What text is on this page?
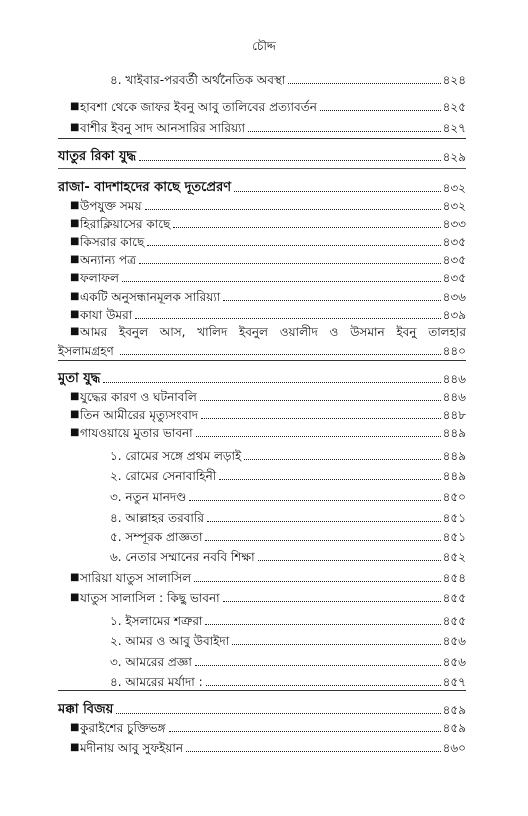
চৌদ্দ
৪. খাইবার-পরবর্তী অর্থনৈতিক অবস্থা	৪২৪
■ হাবশা থেকে জাফর ইবনু আবু তালিবের প্রত্যাবর্তন	৪২৫
■ বাশীর ইবনু সাদ আনসারির সারিয়্যা	৪২৭
যাতুর রিকা যুদ্ধ	৪২৯
রাজা- বাদশাহদের কাছে দূতপ্রেরণ	৪৩২
■ উপযুক্ত সময়	৪৩২
■ হিরাক্লিয়াসের কাছে	৪৩৩
■ কিসরার কাছে	৪৩৫
■ অন্যান্য পত্র	৪৩৫
■ ফলাফল	৪৩৫
■ একটি অনুসন্ধানমূলক সারিয়্যা	৪৩৬
■ কাযা উমরা	৪৩৯
■ আমর ইবনুল আস, খালিদ ইবনুল ওয়ালীদ ও উসমান ইবনু তালহার
ইসলামগ্রহণ	৪৪০
মুতা যুদ্ধ	৪৪৬
■ যুদ্ধের কারণ ও ঘটনাবলি	৪৪৬
■ তিন আমীরের মৃত্যুসংবাদ	৪৪৮
■ গাযওয়ায়ে মুতার ভাবনা	৪৪৯
১. রোমের সঙ্গে প্রথম লড়াই	৪৪৯
২. রোমের সেনাবাহিনী	৪৪৯
৩. নতুন মানদণ্ড	৪৫০
৪. আল্লাহর তরবারি	৪৫১
৫. সম্পূরক প্রাজ্ঞতা	৪৫১
৬. নেতার সম্মানের নববি শিক্ষা	৪৫২
■ সারিয়া যাতুস সালাসিল	৪৫৪
■ যাতুস সালাসিল : কিছু ভাবনা	৪৫৫
১. ইসলামের শত্রুরা	৪৫৫
২. আমর ও আবু উবাইদা	৪৫৬
৩. আমরের প্রজ্ঞা	৪৫৬
৪. আমরের মর্যাদা :	৪৫৭
মক্কা বিজয়	৪৫৯
■ কুরাইশের চুক্তিভঙ্গ	৪৫৯
■ মদীনায় আবু সুফইয়ান	৪৬০
